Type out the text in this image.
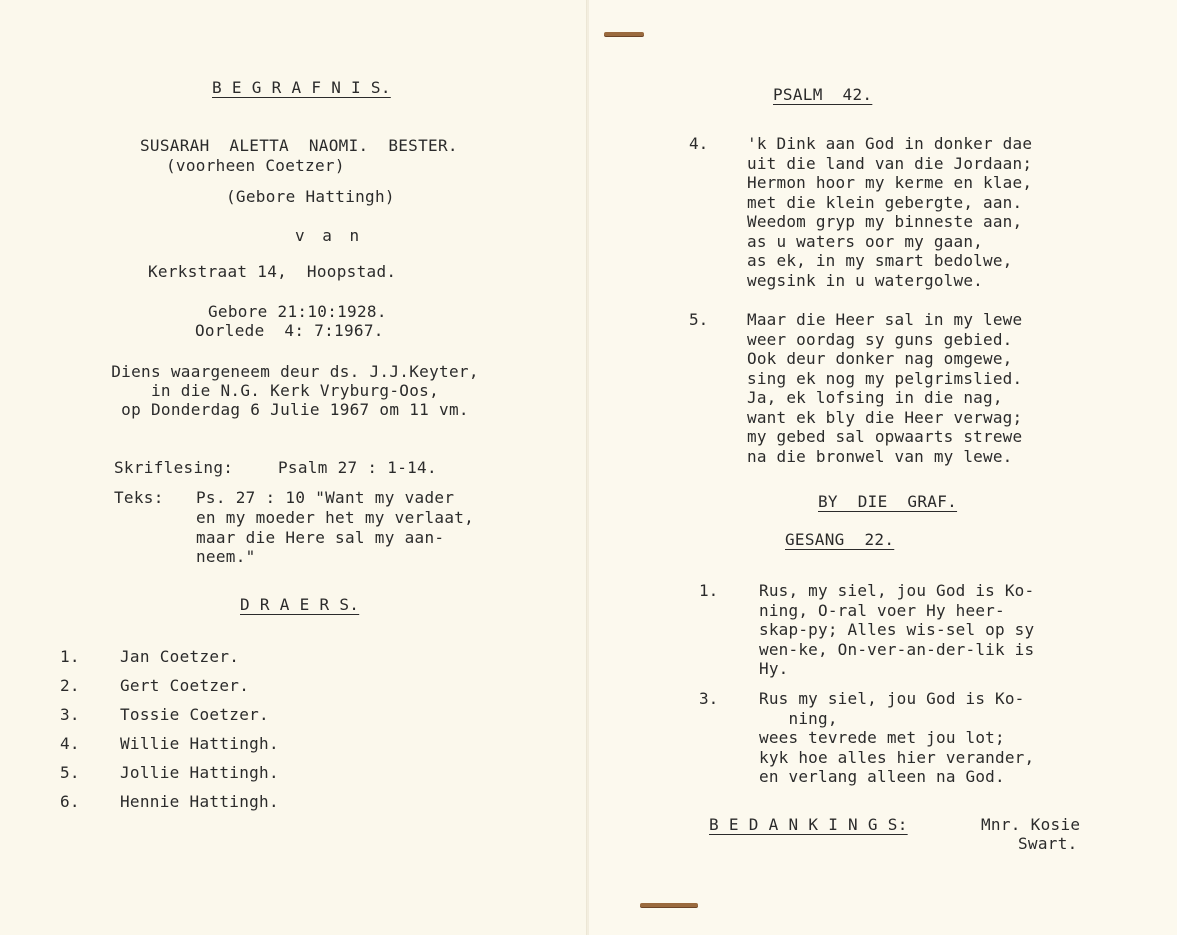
B E G R A F N I S.
SUSARAH  ALETTA  NAOMI.  BESTER.
(voorheen Coetzer)
(Gebore Hattingh)
v a n
Kerkstraat 14,  Hoopstad.
Gebore 21:10:1928.
Oorlede  4: 7:1967.
Diens waargeneem deur ds. J.J.Keyter,
in die N.G. Kerk Vryburg-Oos,
op Donderdag 6 Julie 1967 om 11 vm.
Skriflesing:	Psalm 27 : 1-14.
Teks: Ps. 27 : 10 "Want my vader
en my moeder het my verlaat,
maar die Here sal my aan-
neem."
D R A E R S.
1.	Jan Coetzer.
2.	Gert Coetzer.
3.	Tossie Coetzer.
4.	Willie Hattingh.
5.	Jollie Hattingh.
6.	Hennie Hattingh.
PSALM  42.
4. 'k Dink aan God in donker dae
uit die land van die Jordaan;
Hermon hoor my kerme en klae,
met die klein gebergte, aan.
Weedom gryp my binneste aan,
as u waters oor my gaan,
as ek, in my smart bedolwe,
wegsink in u watergolwe.
5. Maar die Heer sal in my lewe
weer oordag sy guns gebied.
Ook deur donker nag omgewe,
sing ek nog my pelgrimslied.
Ja, ek lofsing in die nag,
want ek bly die Heer verwag;
my gebed sal opwaarts strewe
na die bronwel van my lewe.
BY  DIE  GRAF.
GESANG  22.
1.	Rus, my siel, jou God is Ko-
ning, O-ral voer Hy heer-
skap-py; Alles wis-sel op sy
wen-ke, On-ver-an-der-lik is
Hy.
3.	Rus my siel, jou God is Ko-
ning,
wees tevrede met jou lot;
kyk hoe alles hier verander,
en verlang alleen na God.
B E D A N K I N G S:	Mnr. Kosie
Swart.
